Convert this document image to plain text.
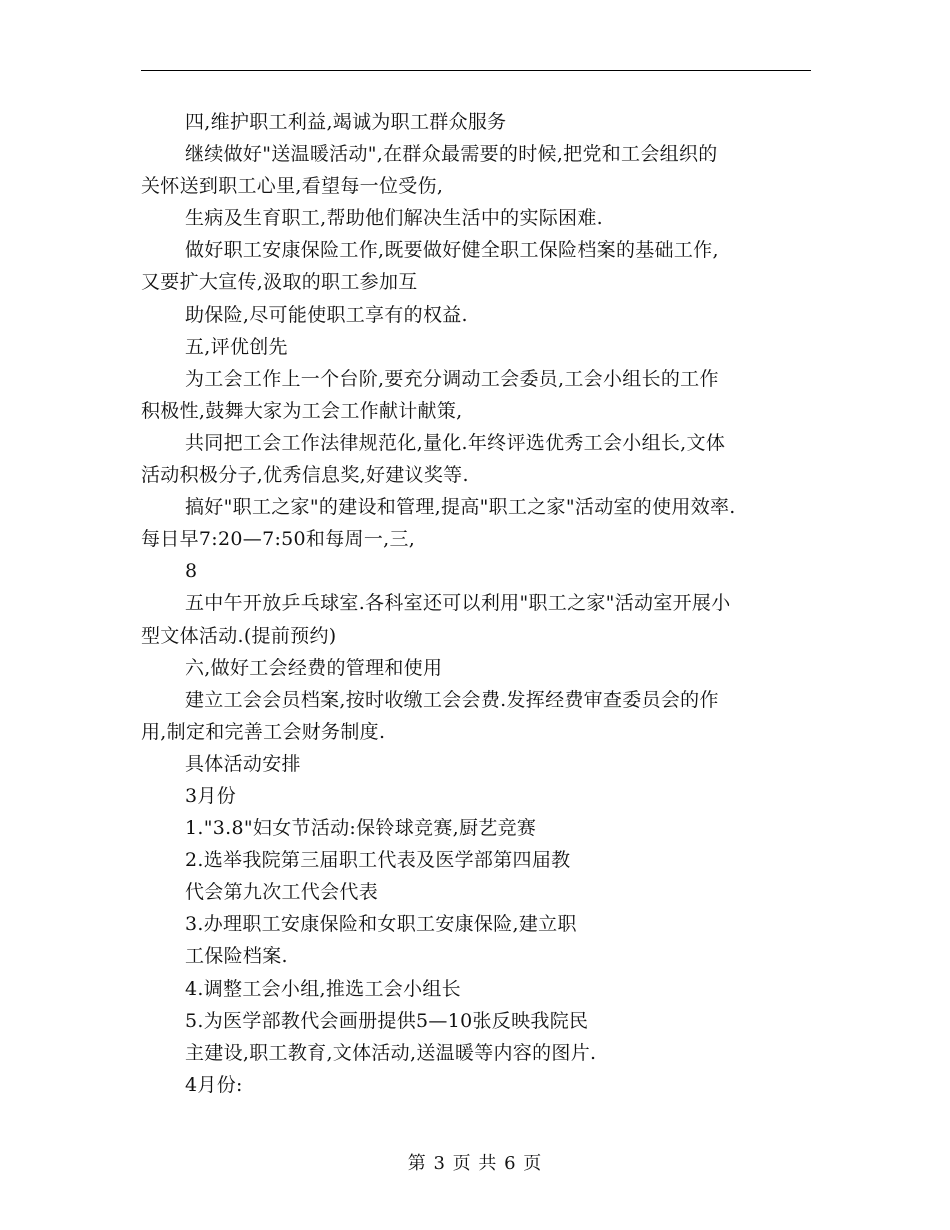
四,维护职工利益,竭诚为职工群众服务
继续做好"送温暖活动",在群众最需要的时候,把党和工会组织的
关怀送到职工心里,看望每一位受伤,
生病及生育职工,帮助他们解决生活中的实际困难.
做好职工安康保险工作,既要做好健全职工保险档案的基础工作,
又要扩大宣传,汲取的职工参加互
助保险,尽可能使职工享有的权益.
五,评优创先
为工会工作上一个台阶,要充分调动工会委员,工会小组长的工作
积极性,鼓舞大家为工会工作献计献策,
共同把工会工作法律规范化,量化.年终评选优秀工会小组长,文体
活动积极分子,优秀信息奖,好建议奖等.
搞好"职工之家"的建设和管理,提高"职工之家"活动室的使用效率.
每日早7:20—7:50和每周一,三,
8
五中午开放乒乓球室.各科室还可以利用"职工之家"活动室开展小
型文体活动.(提前预约)
六,做好工会经费的管理和使用
建立工会会员档案,按时收缴工会会费.发挥经费审查委员会的作
用,制定和完善工会财务制度.
具体活动安排
3月份
1."3.8"妇女节活动:保铃球竞赛,厨艺竞赛
2.选举我院第三届职工代表及医学部第四届教
代会第九次工代会代表
3.办理职工安康保险和女职工安康保险,建立职
工保险档案.
4.调整工会小组,推选工会小组长
5.为医学部教代会画册提供5—10张反映我院民
主建设,职工教育,文体活动,送温暖等内容的图片.
4月份:
第 3 页 共 6 页
